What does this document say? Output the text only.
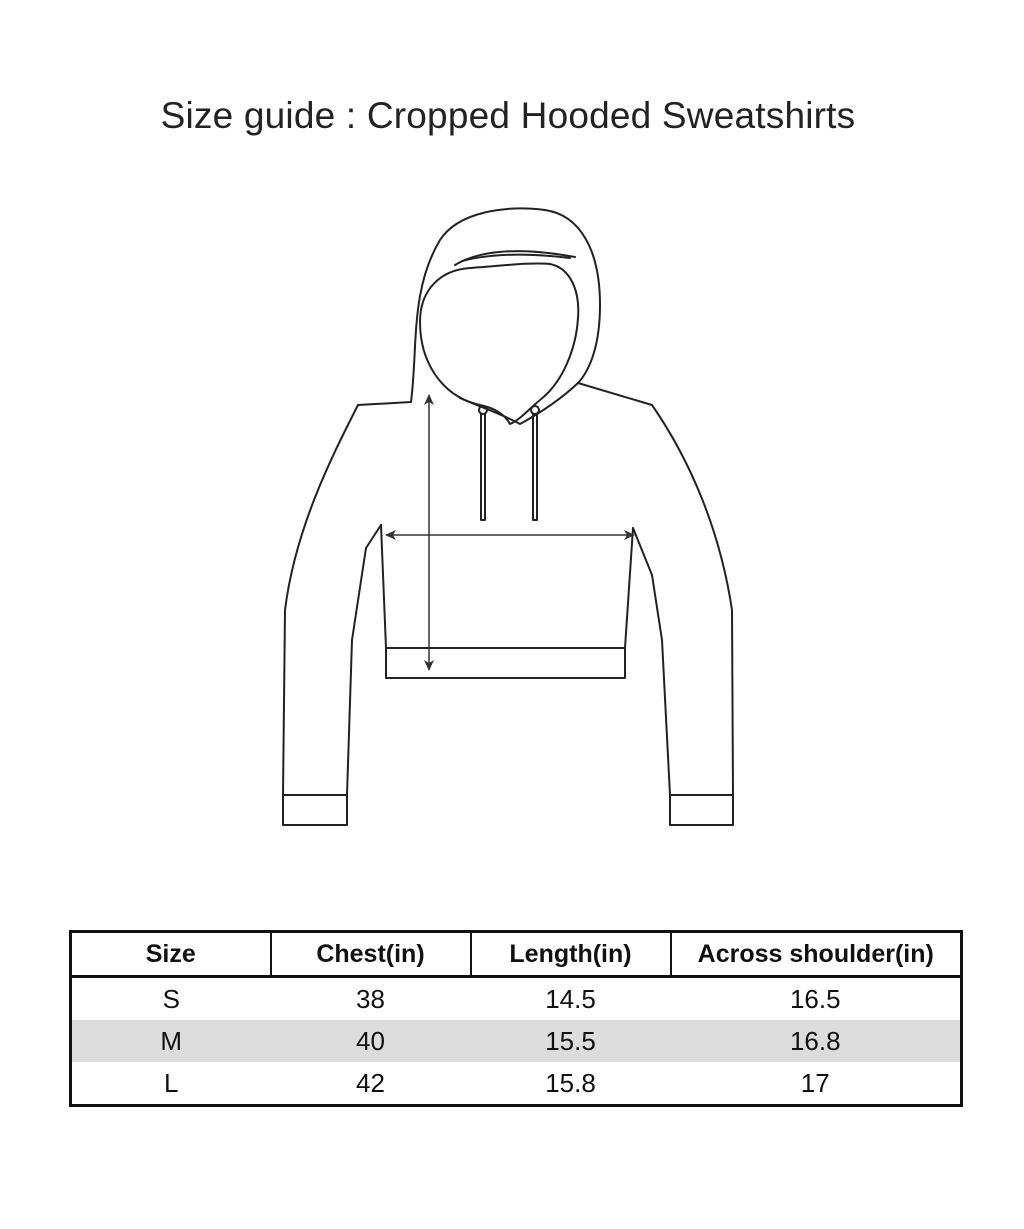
Size guide : Cropped Hooded Sweatshirts
Size	Chest(in)	Length(in)	Across shoulder(in)
S	38	14.5	16.5
M	40	15.5	16.8
L	42	15.8	17
